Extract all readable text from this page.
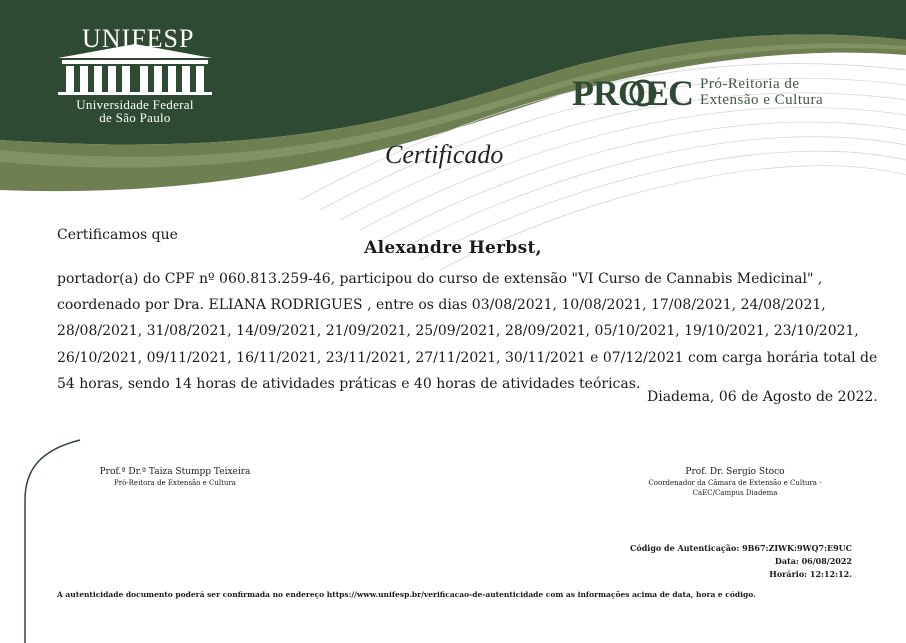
UNIFESP
Universidade Federal
de São Paulo
PROEC Pró-Reitoria de
Extensão e Cultura
Certificado
Certificamos que
Alexandre Herbst,
portador(a) do CPF nº 060.813.259-46, participou do curso de extensão "VI Curso de Cannabis Medicinal" ,
coordenado por Dra. ELIANA RODRIGUES , entre os dias 03/08/2021, 10/08/2021, 17/08/2021, 24/08/2021,
28/08/2021, 31/08/2021, 14/09/2021, 21/09/2021, 25/09/2021, 28/09/2021, 05/10/2021, 19/10/2021, 23/10/2021,
26/10/2021, 09/11/2021, 16/11/2021, 23/11/2021, 27/11/2021, 30/11/2021 e 07/12/2021 com carga horária total de
54 horas, sendo 14 horas de atividades práticas e 40 horas de atividades teóricas.
Diadema, 06 de Agosto de 2022.
Prof.ª Dr.ª Taiza Stumpp Teixeira
Pró-Reitora de Extensão e Cultura
Prof. Dr. Sergio Stoco
Coordenador da Câmara de Extensão e Cultura -
CaEC/Campus Diadema
Código de Autenticação: 9B67:ZIWK:9WQ7:E9UC
Data: 06/08/2022
Horário: 12:12:12.
A autenticidade documento poderá ser confirmada no endereço https://www.unifesp.br/verificacao-de-autenticidade com as informações acima de data, hora e código.
